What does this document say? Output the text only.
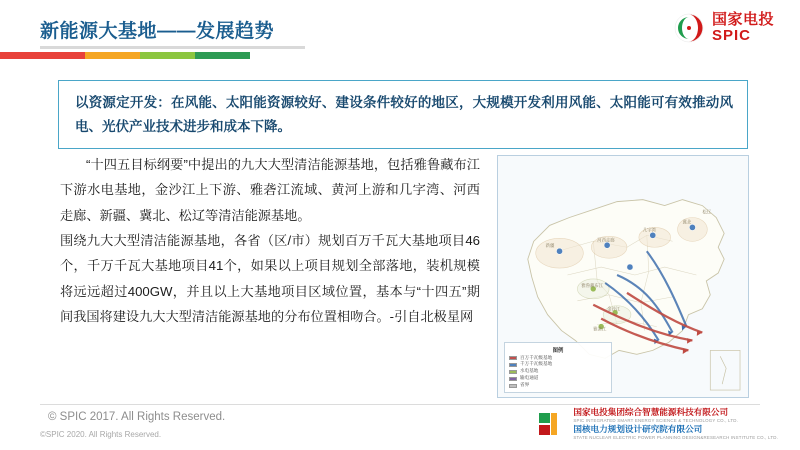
新能源大基地——发展趋势
国家电投
SPIC

以资源定开发：在风能、太阳能资源较好、建设条件较好的地区，大规模开发利用风能、太阳能可有效推动风电、光伏产业技术进步和成本下降。

“十四五目标纲要”中提出的九大大型清洁能源基地，包括雅鲁藏布江下游水电基地，金沙江上下游、雅砻江流域、黄河上游和几字湾、河西走廊、新疆、冀北、松辽等清洁能源基地。

围绕九大大型清洁能源基地，各省（区/市）规划百万千瓦大基地项目46个，千万千瓦大基地项目41个，如果以上项目规划全部落地，装机规模将远远超过400GW，并且以上大基地项目区域位置，基本与“十四五”期间我国将建设九大大型清洁能源基地的分布位置相吻合。-引自北极星网

新疆
河西走廊
几字湾
冀北
松辽
雅鲁藏布江
金沙江
雅砻江
图例
百万千瓦级基地
千万千瓦级基地
水电基地
输电通道
省界
© SPIC 2017. All Rights Reserved.
©SPIC 2020. All Rights Reserved.
国家电投集团综合智慧能源科技有限公司
SPIC INTEGRATED SMART ENERGY SCIENCE & TECHNOLOGY CO., LTD.
国核电力规划设计研究院有限公司
STATE NUCLEAR ELECTRIC POWER PLANNING DESIGN&RESEARCH INSTITUTE CO., LTD.
